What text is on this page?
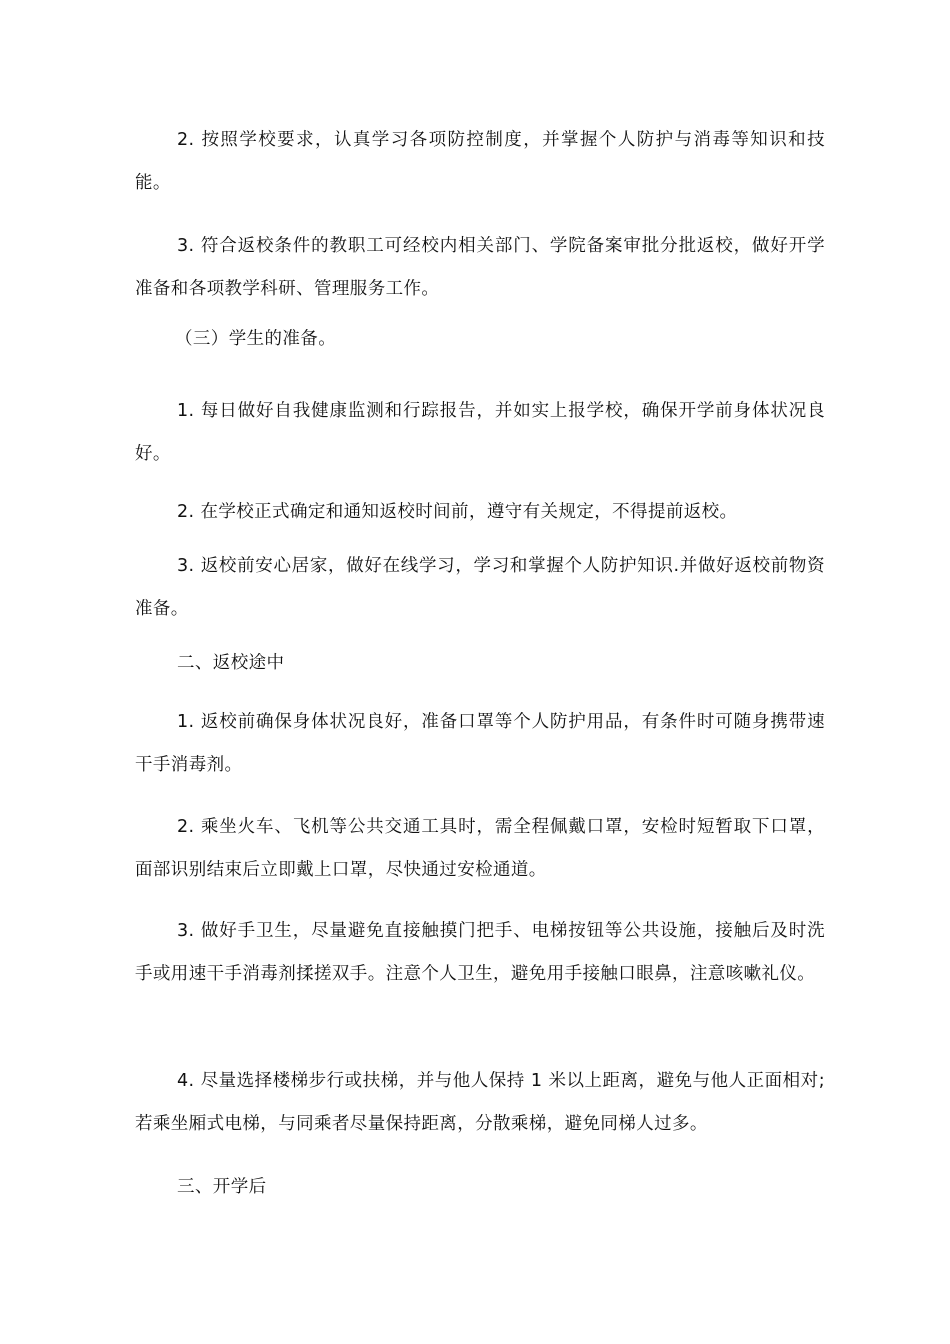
2. 按照学校要求，认真学习各项防控制度，并掌握个人防护与消毒等知识和技能。

3. 符合返校条件的教职工可经校内相关部门、学院备案审批分批返校，做好开学准备和各项教学科研、管理服务工作。

（三）学生的准备。

1. 每日做好自我健康监测和行踪报告，并如实上报学校，确保开学前身体状况良好。

2. 在学校正式确定和通知返校时间前，遵守有关规定，不得提前返校。

3. 返校前安心居家，做好在线学习，学习和掌握个人防护知识.并做好返校前物资准备。

二、返校途中

1. 返校前确保身体状况良好，准备口罩等个人防护用品，有条件时可随身携带速干手消毒剂。

2. 乘坐火车、飞机等公共交通工具时，需全程佩戴口罩，安检时短暂取下口罩，面部识别结束后立即戴上口罩，尽快通过安检通道。

3. 做好手卫生，尽量避免直接触摸门把手、电梯按钮等公共设施，接触后及时洗手或用速干手消毒剂揉搓双手。注意个人卫生，避免用手接触口眼鼻，注意咳嗽礼仪。

4. 尽量选择楼梯步行或扶梯，并与他人保持 1 米以上距离，避免与他人正面相对;若乘坐厢式电梯，与同乘者尽量保持距离，分散乘梯，避免同梯人过多。

三、开学后
